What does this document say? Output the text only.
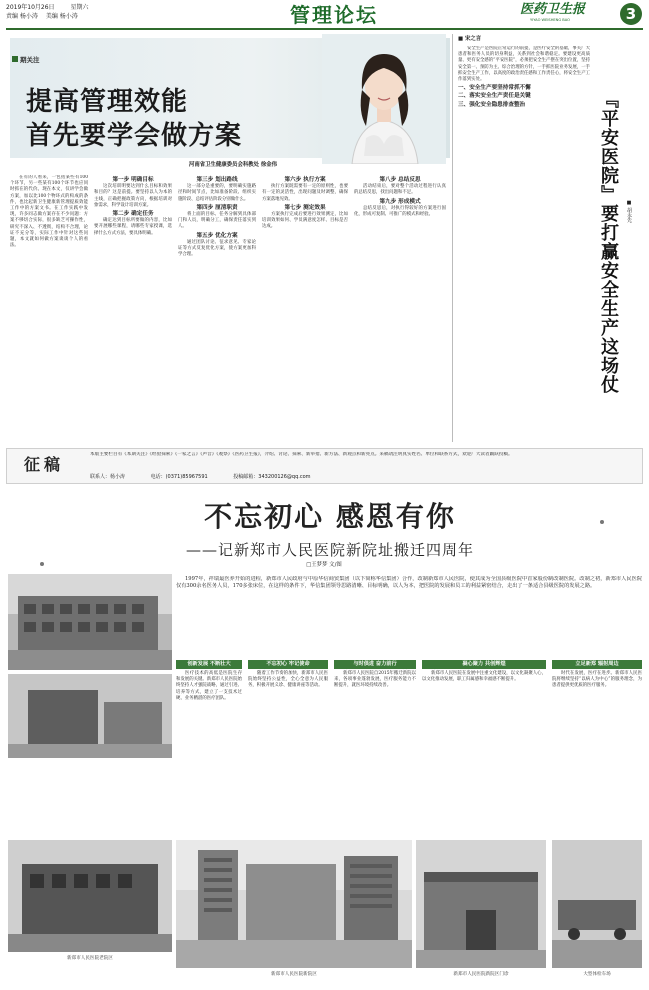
2019年10月26日	星期六
责编 杨小涛 美编 杨小涛	管理论坛	医药卫生报
YIYAO WEISHENG BAO	3
期关注
提高管理效能
首先要学会做方案
河南省卫生健康委员会科教处 徐金伟

在有的人看来，一包括某些有100个环节，另一些某有100个环节也应同时抓在的代价。现在本文，仅讲学会做方案，加以比100个物环式的构成的条件，也比起新卫生健康新管理提质效能工作中的方案文书。在工作实践中发现，许多同志做方案存在不少问题：方案不够切合实际，很多缺乏可操作性，研究不深入、不透彻，结构不合理，论证不充分等，实际工作中针对这些问题，本文就如何做方案谈谈个人的看法。

第一步 明确目标

这次培训明要达到什么目标和效果和目的？这是前提。要坚持以人为本的主线，正确把握政策方向，根据培训对象需求，科学设计培训方案。

第二步 确定任务

确定达到目标所要做的内容，比如要开展哪些课程，请哪些专家授课，选择什么方式方法，要具体明确。

第三步 划出路线

这一部分是重要的，要明确实施路径和时间节点，比如准备阶段、组织实施阶段、总结评估阶段分别做什么。

第四步 厘清职责

将上面的目标、任务分解到具体部门和人员，明确分工，确保责任落实到人。

第五步 优化方案

通过团队讨论、征求意见、专家论证等方式反复优化方案，使方案更加科学合理。

第六步 执行方案

执行方案既需要有一定的原则性，也要有一定的灵活性，出现问题及时调整，确保方案落地见效。

第七步 测定效果

方案执行完成后要进行效果测定，比如培训效果如何、学员满意度怎样、目标是否达成。

第八步 总结反思

活动结束后，要对整个活动过程进行认真的总结反思，找出问题和不足。

第九步 形成模式

总结反思后，对执行得较好的方案进行固化，形成可复制、可推广的模式和经验。

■ 宋之言

安全生产是医院正常运行的前提，是医疗安全的基础，事关广大患者和医务人员的切身利益，关系到社会和谐稳定。要建设更高质量、更有安全感的“平安医院”，必须把安全生产摆在突出位置，坚持安全第一、预防为主、综合治理的方针，一手抓医院业务发展，一手抓安全生产工作，以高度的政治责任感和工作责任心，将安全生产工作落到实处。

一、安全生产要坚持常抓不懈

二、落实安全生产责任是关键

三、强化安全隐患排查整治	『平安医院』要打赢安全生产这场仗	■ 胡永先
征稿
本版主要栏目有《本期关注》《经验探索》《一家之言》《声音》《观察》《医药卫生报》，介绍、讨论、探索、新举措、新方法、新观点和新亮点。来稿请注明真实姓名、单位和联系方式，欢迎广大读者踊跃投稿。
联系人：杨小涛	电话：(0371)85967591	投稿邮箱：343200126@qq.com
不忘初心 感恩有你
——记新郑市人民医院新院址搬迁四周年
□王梦梦 文/图

1997年，祥瑞最医养开始的进程，新郑市人民政府与中原华信商贸集团（以下简称华信集团）合作，改制新郑市人民医院，使其成为全国县级医院中首家股份制改制医院。改制之初，新郑市人民医院仅有300余名医务人员，170多张床位，在这样的条件下，华信集团领导思路清晰、目标明确，以人为本，把医院的发展和员工的利益紧密结合，走出了一条适合县级医院的发展之路。

创新发展 不断壮大

医疗技术的高低是医院生存和发展的关键。新郑市人民医院始终坚持人才强院战略，通过引进、培养等方式，建立了一支技术过硬、业务精湛的医疗团队。

不忘初心 牢记使命

随着工作节奏的加快，新郑市人民医院始终坚持公益性，全心全意为人民服务，积极开展义诊、健康讲座等活动。

与时俱进 奋力前行

新郑市人民医院自2015年搬迁新院以来，各项事业蓬勃发展，医疗服务能力不断提升，就医环境持续改善。

凝心聚力 共创辉煌

新郑市人民医院在发展中注重文化建设，以文化凝聚人心，以文化推动发展，职工归属感和幸福感不断提升。

立足新郑 辐射周边

时代在发展，医疗在进步。新郑市人民医院将继续坚持“以病人为中心”的服务理念，为患者提供更优质的医疗服务。

新郑市人民医院老院区
新郑市人民医院新院区	新郑市人民医院新院区门诊	大型体检车场
